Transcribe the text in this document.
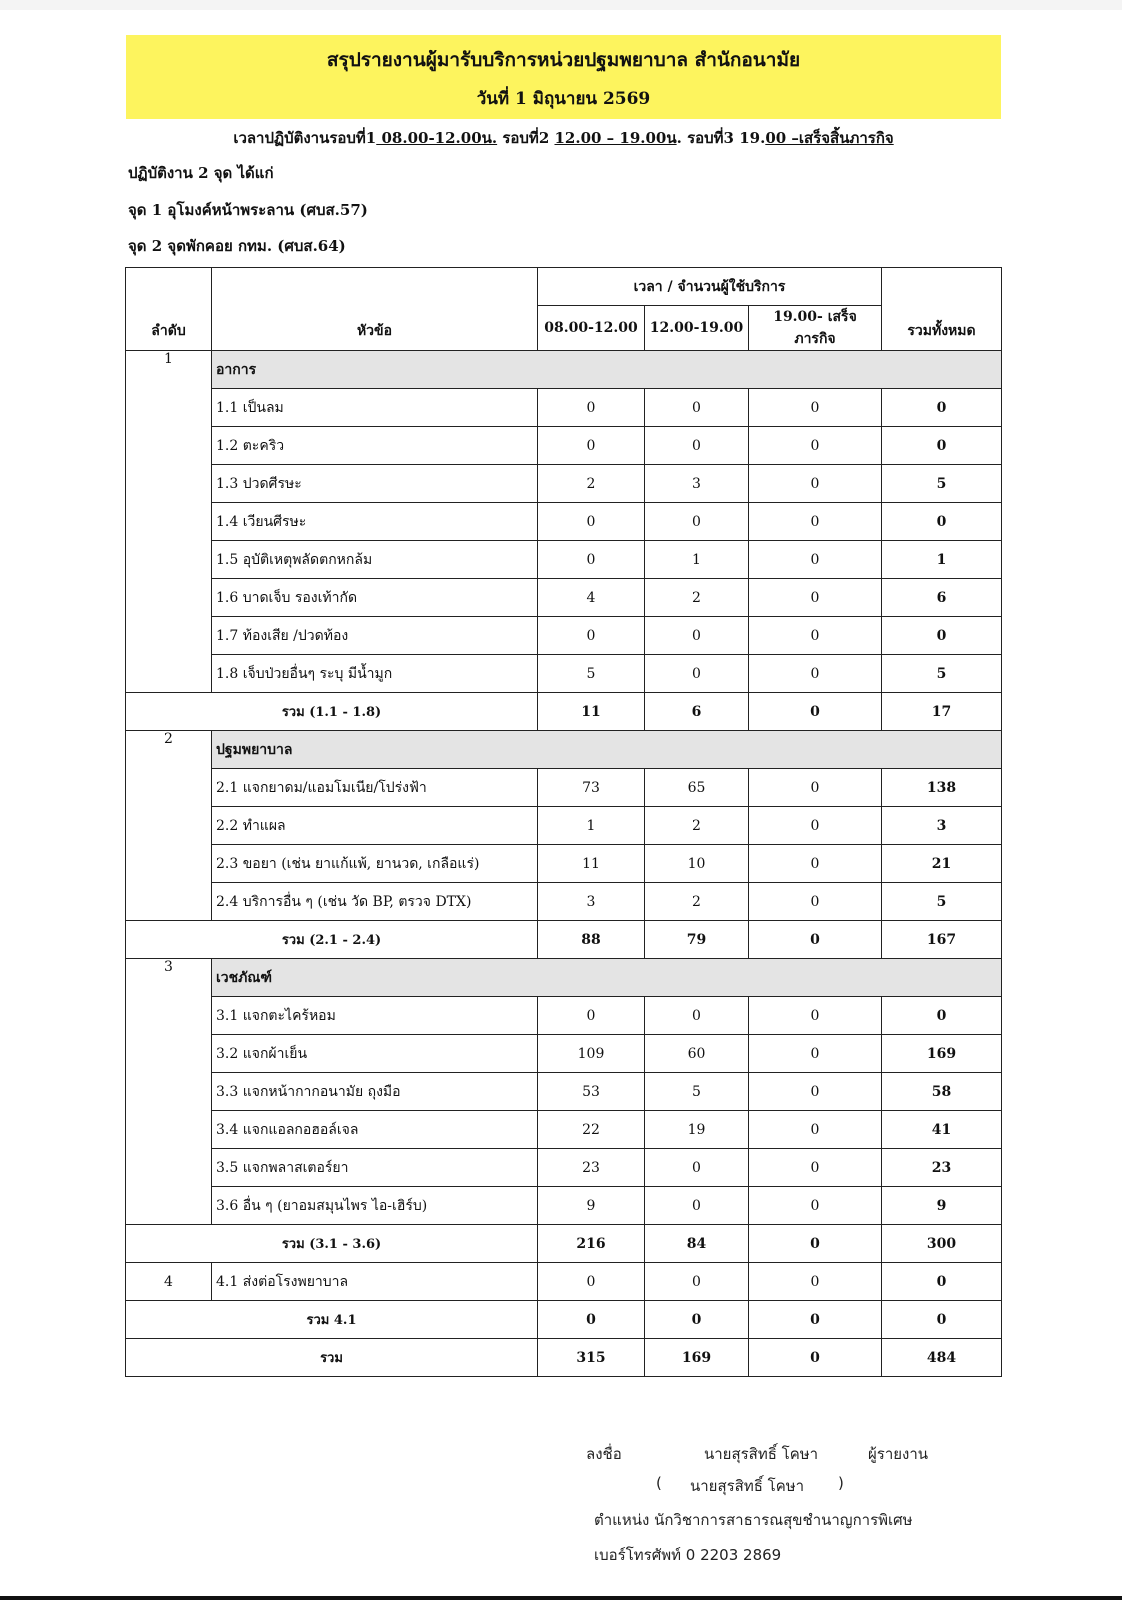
สรุปรายงานผู้มารับบริการหน่วยปฐมพยาบาล สำนักอนามัย
วันที่ 1 มิถุนายน 2569
เวลาปฏิบัติงานรอบที่1 08.00-12.00น. รอบที่2 12.00 – 19.00น. รอบที่3 19.00 –เสร็จสิ้นภารกิจ
ปฏิบัติงาน 2 จุด ได้แก่
จุด 1 อุโมงค์หน้าพระลาน (ศบส.57)
จุด 2 จุดพักคอย กทม. (ศบส.64)
ลำดับ	หัวข้อ	เวลา / จำนวนผู้ใช้บริการ			รวมทั้งหมด
		08.00-12.00	12.00-19.00	19.00- เสร็จภารกิจ	
1	อาการ				
	1.1 เป็นลม	0	0	0	0
	1.2 ตะคริว	0	0	0	0
	1.3 ปวดศีรษะ	2	3	0	5
	1.4 เวียนศีรษะ	0	0	0	0
	1.5 อุบัติเหตุพลัดตกหกล้ม	0	1	0	1
	1.6 บาดเจ็บ รองเท้ากัด	4	2	0	6
	1.7 ท้องเสีย /ปวดท้อง	0	0	0	0
	1.8 เจ็บป่วยอื่นๆ ระบุ มีน้ำมูก	5	0	0	5
รวม (1.1 - 1.8)		11	6	0	17
2	ปฐมพยาบาล				
	2.1 แจกยาดม/แอมโมเนีย/โปร่งฟ้า	73	65	0	138
	2.2 ทำแผล	1	2	0	3
	2.3 ขอยา (เช่น ยาแก้แพ้, ยานวด, เกลือแร่)	11	10	0	21
	2.4 บริการอื่น ๆ (เช่น วัด BP, ตรวจ DTX)	3	2	0	5
รวม (2.1 - 2.4)		88	79	0	167
3	เวชภัณฑ์				
	3.1 แจกตะไคร้หอม	0	0	0	0
	3.2 แจกผ้าเย็น	109	60	0	169
	3.3 แจกหน้ากากอนามัย ถุงมือ	53	5	0	58
	3.4 แจกแอลกอฮอล์เจล	22	19	0	41
	3.5 แจกพลาสเตอร์ยา	23	0	0	23
	3.6 อื่น ๆ (ยาอมสมุนไพร ไอ-เฮิร์บ)	9	0	0	9
รวม (3.1 - 3.6)		216	84	0	300
4	4.1 ส่งต่อโรงพยาบาล	0	0	0	0
รวม 4.1		0	0	0	0
รวม		315	169	0	484
ลงชื่อ	นายสุรสิทธิ์ โคษา	ผู้รายงาน
( นายสุรสิทธิ์ โคษา )
ตำแหน่ง นักวิชาการสาธารณสุขชำนาญการพิเศษ
เบอร์โทรศัพท์ 0 2203 2869
